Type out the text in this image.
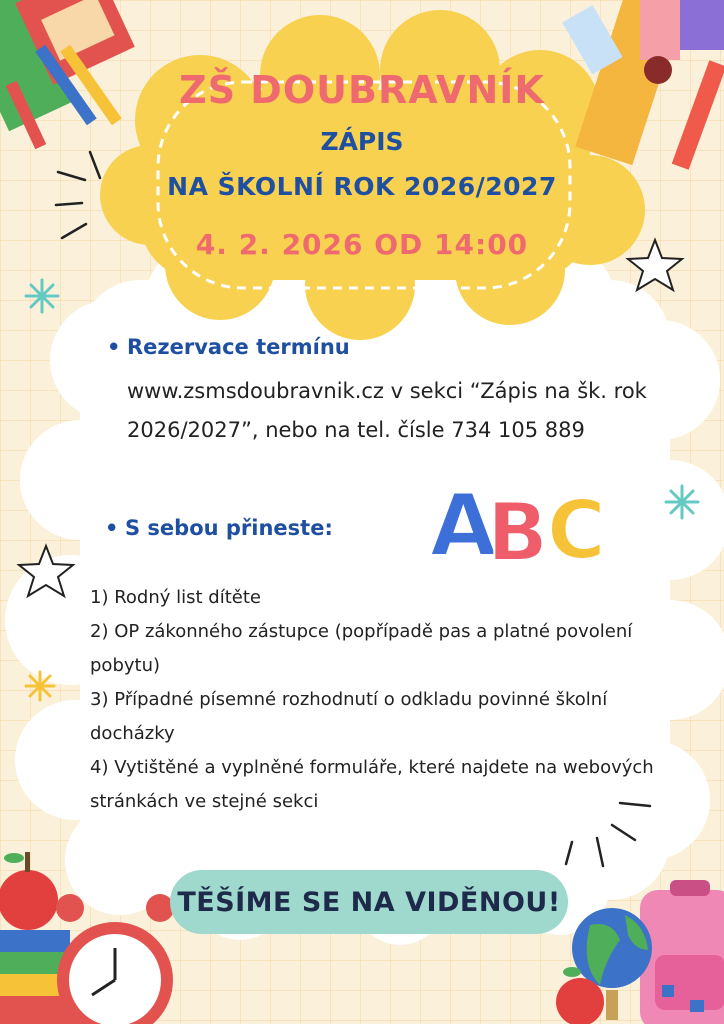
ZŠ DOUBRAVNÍK
ZÁPIS
NA ŠKOLNÍ ROK 2026/2027
4. 2. 2026 OD 14:00
• Rezervace termínu
www.zsmsdoubravnik.cz v sekci “Zápis na šk. rok 2026/2027”, nebo na tel. čísle 734 105 889
• S sebou přineste: A
B C

1) Rodný list dítěte

2) OP zákonného zástupce (popřípadě pas a platné povolení pobytu)

3) Případné písemné rozhodnutí o odkladu povinné školní docházky

4) Vytištěné a vyplněné formuláře, které najdete na webových stránkách ve stejné sekci

TĚŠÍME SE NA VIDĚNOU!
